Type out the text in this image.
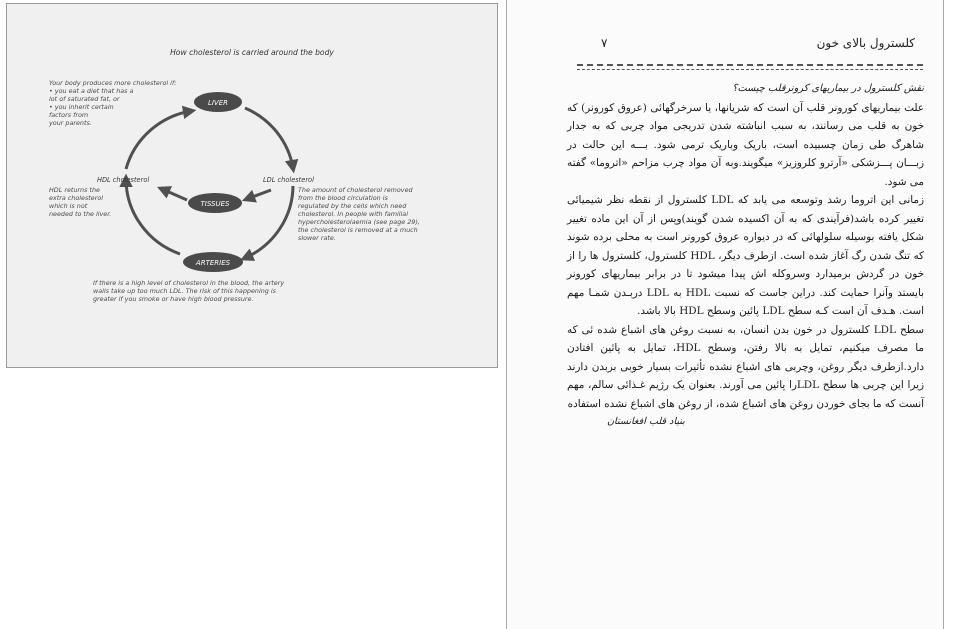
How cholesterol is carried around the body
LIVER
TISSUES
ARTERIES
HDL cholesterol	LDL cholesterol
Your body produces more cholesterol if:
• you eat a diet that has a
lot of saturated fat, or
• you inherit certain
factors from
your parents.
HDL returns the
extra cholesterol
which is not
needed to the liver.
The amount of cholesterol removed
from the blood circulation is
regulated by the cells which need
cholesterol. In people with familial
hypercholesterolaemia (see page 29),
the cholesterol is removed at a much
slower rate.
If there is a high level of cholesterol in the blood, the artery
walls take up too much LDL. The risk of this happening is
greater if you smoke or have high blood pressure.
کلسترول بالای خون
۷

نقش کلسترول در بیماریهای کرونرقلب چیست؟

علت بیماریهای کورونر قلب آن است که شریانها، یا سرخرگهائی (عروق کورونر) که خون به قلب می رسانند، به سبب انباشته شدن تدریجی مواد چربی که به جدار شاهرگ طی زمان چسبیده است، باریک وباریک ترمی شود. بـــه این حالت در زبـــان پـــزشکی «آرترو کلروزیز» میگویند.وبه آن مواد چرب مزاحم «اتروما» گفته می شود.

زمانی این اتروما رشد وتوسعه می یابد که LDL کلسترول از نقطه نظر شیمیائی تغییر کرده باشد(فرآیندی که به آن اکسیده شدن گویند)وپس از آن این ماده تغییر شکل یافته بوسیله سلولهائی که در دیواره عروق کورونر است به محلی برده شوند که تنگ شدن رگ آغاز شده است. ازطرف دیگر، HDL کلسترول، کلسترول ها را از خون در گردش برمیدارد وسروکله اش پیدا میشود تا در برابر بیماریهای کورونر بایستد وآنرا حمایت کند. دراین جاست که نسبت HDL به LDL دربـدن شمـا مهم است. هـدف آن است کـه سطح LDL پائین وسطح HDL بالا باشد.

سطح LDL کلسترول در خون بدن انسان، به نسبت روغن های اشباع شده ئی که ما مصرف میکنیم، تمایل به بالا رفتن، وسطح HDL، تمایل به پائین افتادن دارد.ازطرف دیگر روغن، وچربی های اشباع نشده تأثیرات بسیار خوبی بربدن دارند زیرا این چربی ها سطح LDLرا پائین می آورند. بعنوان یک رژیم غـذائی سالم، مهم آنست که ما بجای خوردن روغن های اشباع شده، از روغن های اشباع نشده استفاده

بنیاد قلب افغانستان
